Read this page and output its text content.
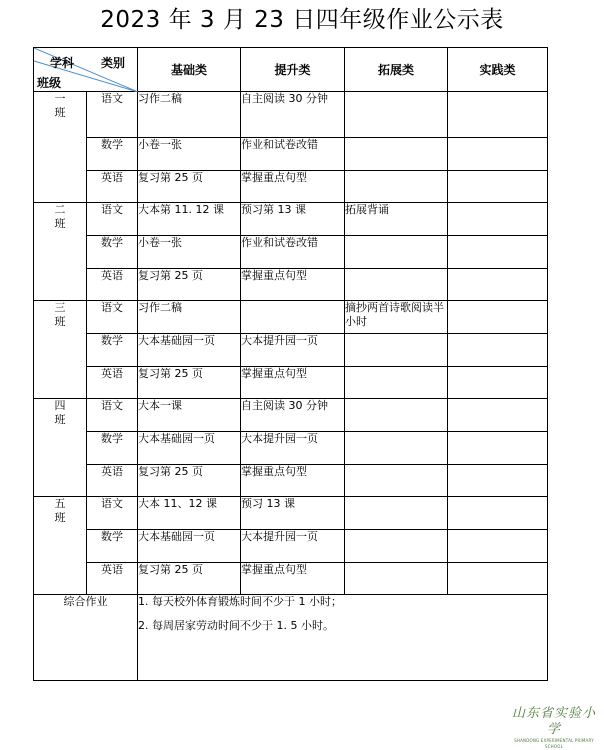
2023 年 3 月 23 日四年级作业公示表
学科 类别
班级		基础类	提升类	拓展类	实践类

一
班	语文	习作二稿	自主阅读 30 分钟		
	数学	小卷一张	作业和试卷改错		
	英语	复习第 25 页	掌握重点句型		

二
班	语文	大本第 11. 12 课	预习第 13 课	拓展背诵	
	数学	小卷一张	作业和试卷改错		
	英语	复习第 25 页	掌握重点句型		

三
班	语文	习作二稿		摘抄两首诗歌阅读半小时	
	数学	大本基础园一页	大本提升园一页		
	英语	复习第 25 页	掌握重点句型		

四
班	语文	大本一课	自主阅读 30 分钟		
	数学	大本基础园一页	大本提升园一页		
	英语	复习第 25 页	掌握重点句型		

五
班	语文	大本 11、12 课	预习 13 课		
	数学	大本基础园一页	大本提升园一页		
	英语	复习第 25 页	掌握重点句型		
综合作业		1. 每天校外体育锻炼时间不少于 1 小时；

2. 每周居家劳动时间不少于 1. 5 小时。			

山东省实验小学
SHANDONG EXPERIMENTAL PRIMARY SCHOOL
